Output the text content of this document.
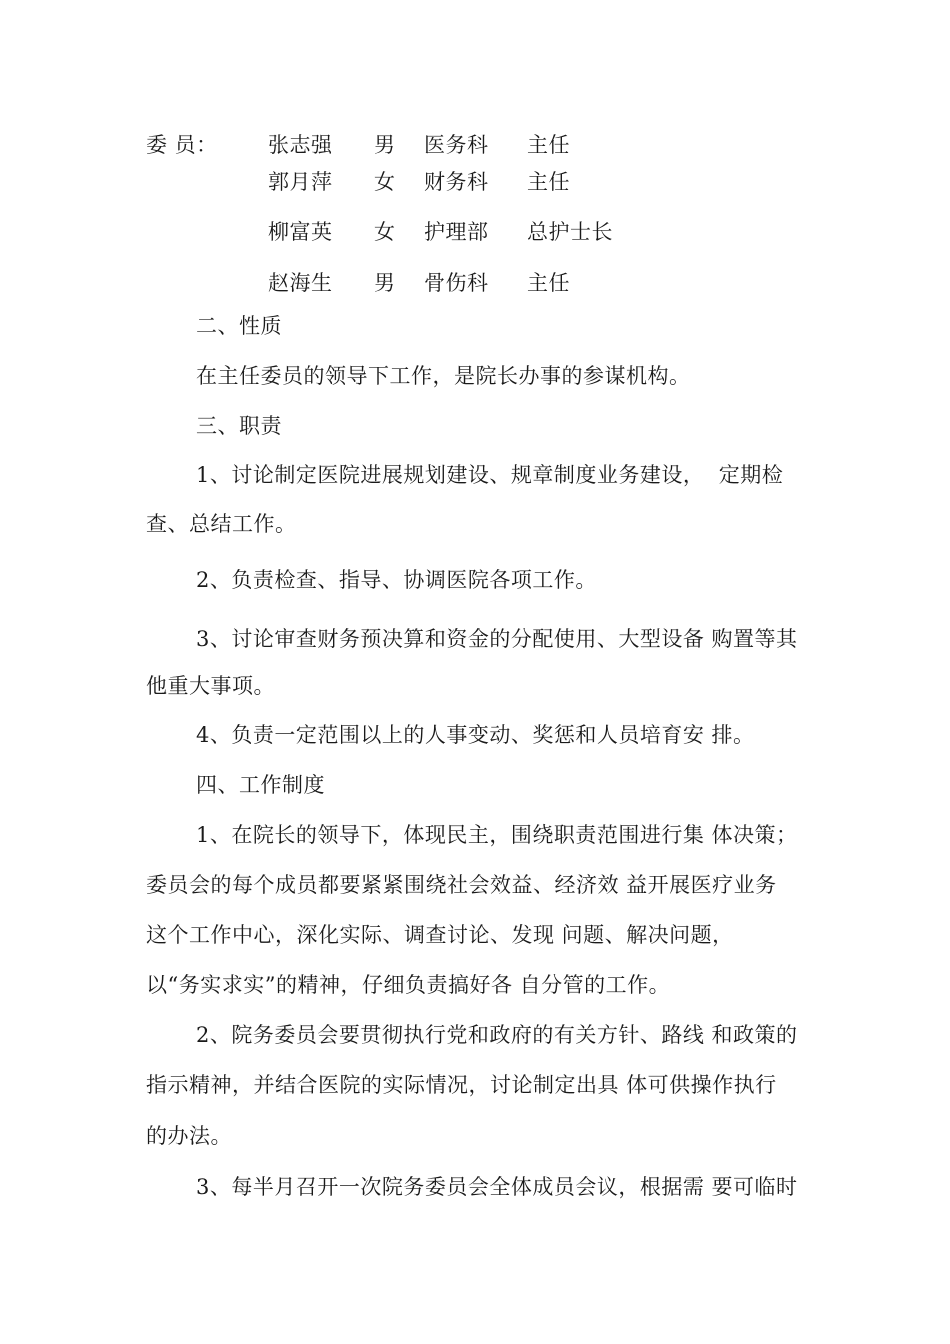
委 员： 张志强 男 医务科 主任
郭月萍 女 财务科 主任
柳富英 女 护理部 总护士长
赵海生 男 骨伤科 主任
二、性质
在主任委员的领导下工作，是院长办事的参谋机构。
三、职责
1、讨论制定医院进展规划建设、规章制度业务建设，  定期检
查、总结工作。
2、负责检查、指导、协调医院各项工作。
3、讨论审查财务预决算和资金的分配使用、大型设备 购置等其
他重大事项。
4、负责一定范围以上的人事变动、奖惩和人员培育安 排。
四、工作制度
1、在院长的领导下，体现民主，围绕职责范围进行集 体决策；
委员会的每个成员都要紧紧围绕社会效益、经济效 益开展医疗业务
这个工作中心，深化实际、调查讨论、发现 问题、解决问题，
以“务实求实”的精神，仔细负责搞好各 自分管的工作。
2、院务委员会要贯彻执行党和政府的有关方针、路线 和政策的
指示精神，并结合医院的实际情况，讨论制定出具 体可供操作执行
的办法。
3、每半月召开一次院务委员会全体成员会议，根据需 要可临时
